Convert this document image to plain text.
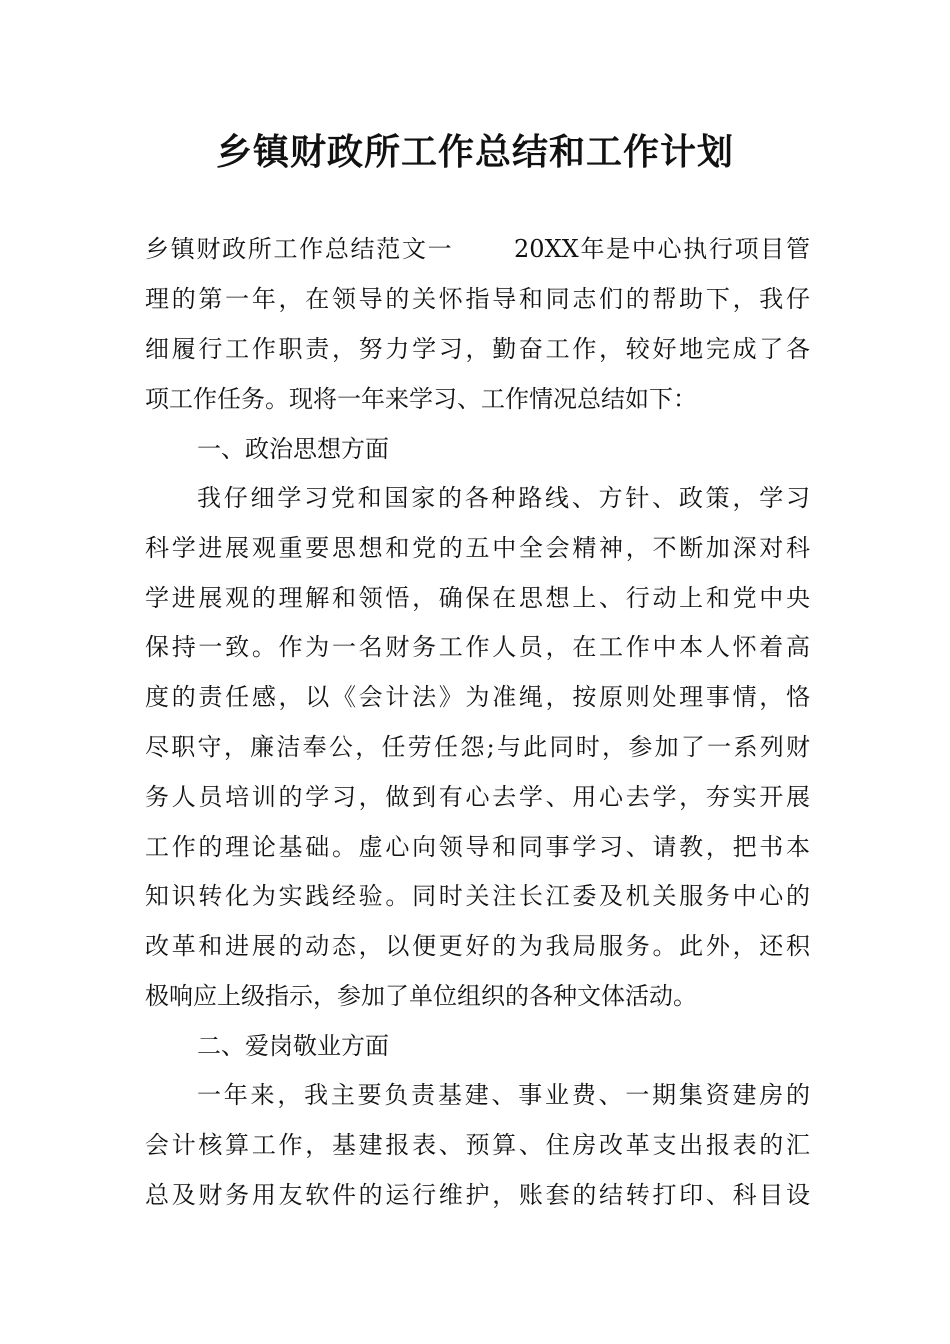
乡镇财政所工作总结和工作计划
乡镇财政所工作总结范文一　　 20XX年是中心执行项目管
理的第一年，在领导的关怀指导和同志们的帮助下，我仔
细履行工作职责，努力学习，勤奋工作，较好地完成了各
项工作任务。现将一年来学习、工作情况总结如下：
一、政治思想方面
我仔细学习党和国家的各种路线、方针、政策，学习
科学进展观重要思想和党的五中全会精神，不断加深对科
学进展观的理解和领悟，确保在思想上、行动上和党中央
保持一致。作为一名财务工作人员，在工作中本人怀着高
度的责任感，以《会计法》为准绳，按原则处理事情，恪
尽职守，廉洁奉公，任劳任怨;与此同时，参加了一系列财
务人员培训的学习，做到有心去学、用心去学，夯实开展
工作的理论基础。虚心向领导和同事学习、请教，把书本
知识转化为实践经验。同时关注长江委及机关服务中心的
改革和进展的动态，以便更好的为我局服务。此外，还积
极响应上级指示，参加了单位组织的各种文体活动。
二、爱岗敬业方面
一年来，我主要负责基建、事业费、一期集资建房的
会计核算工作，基建报表、预算、住房改革支出报表的汇
总及财务用友软件的运行维护，账套的结转打印、科目设
